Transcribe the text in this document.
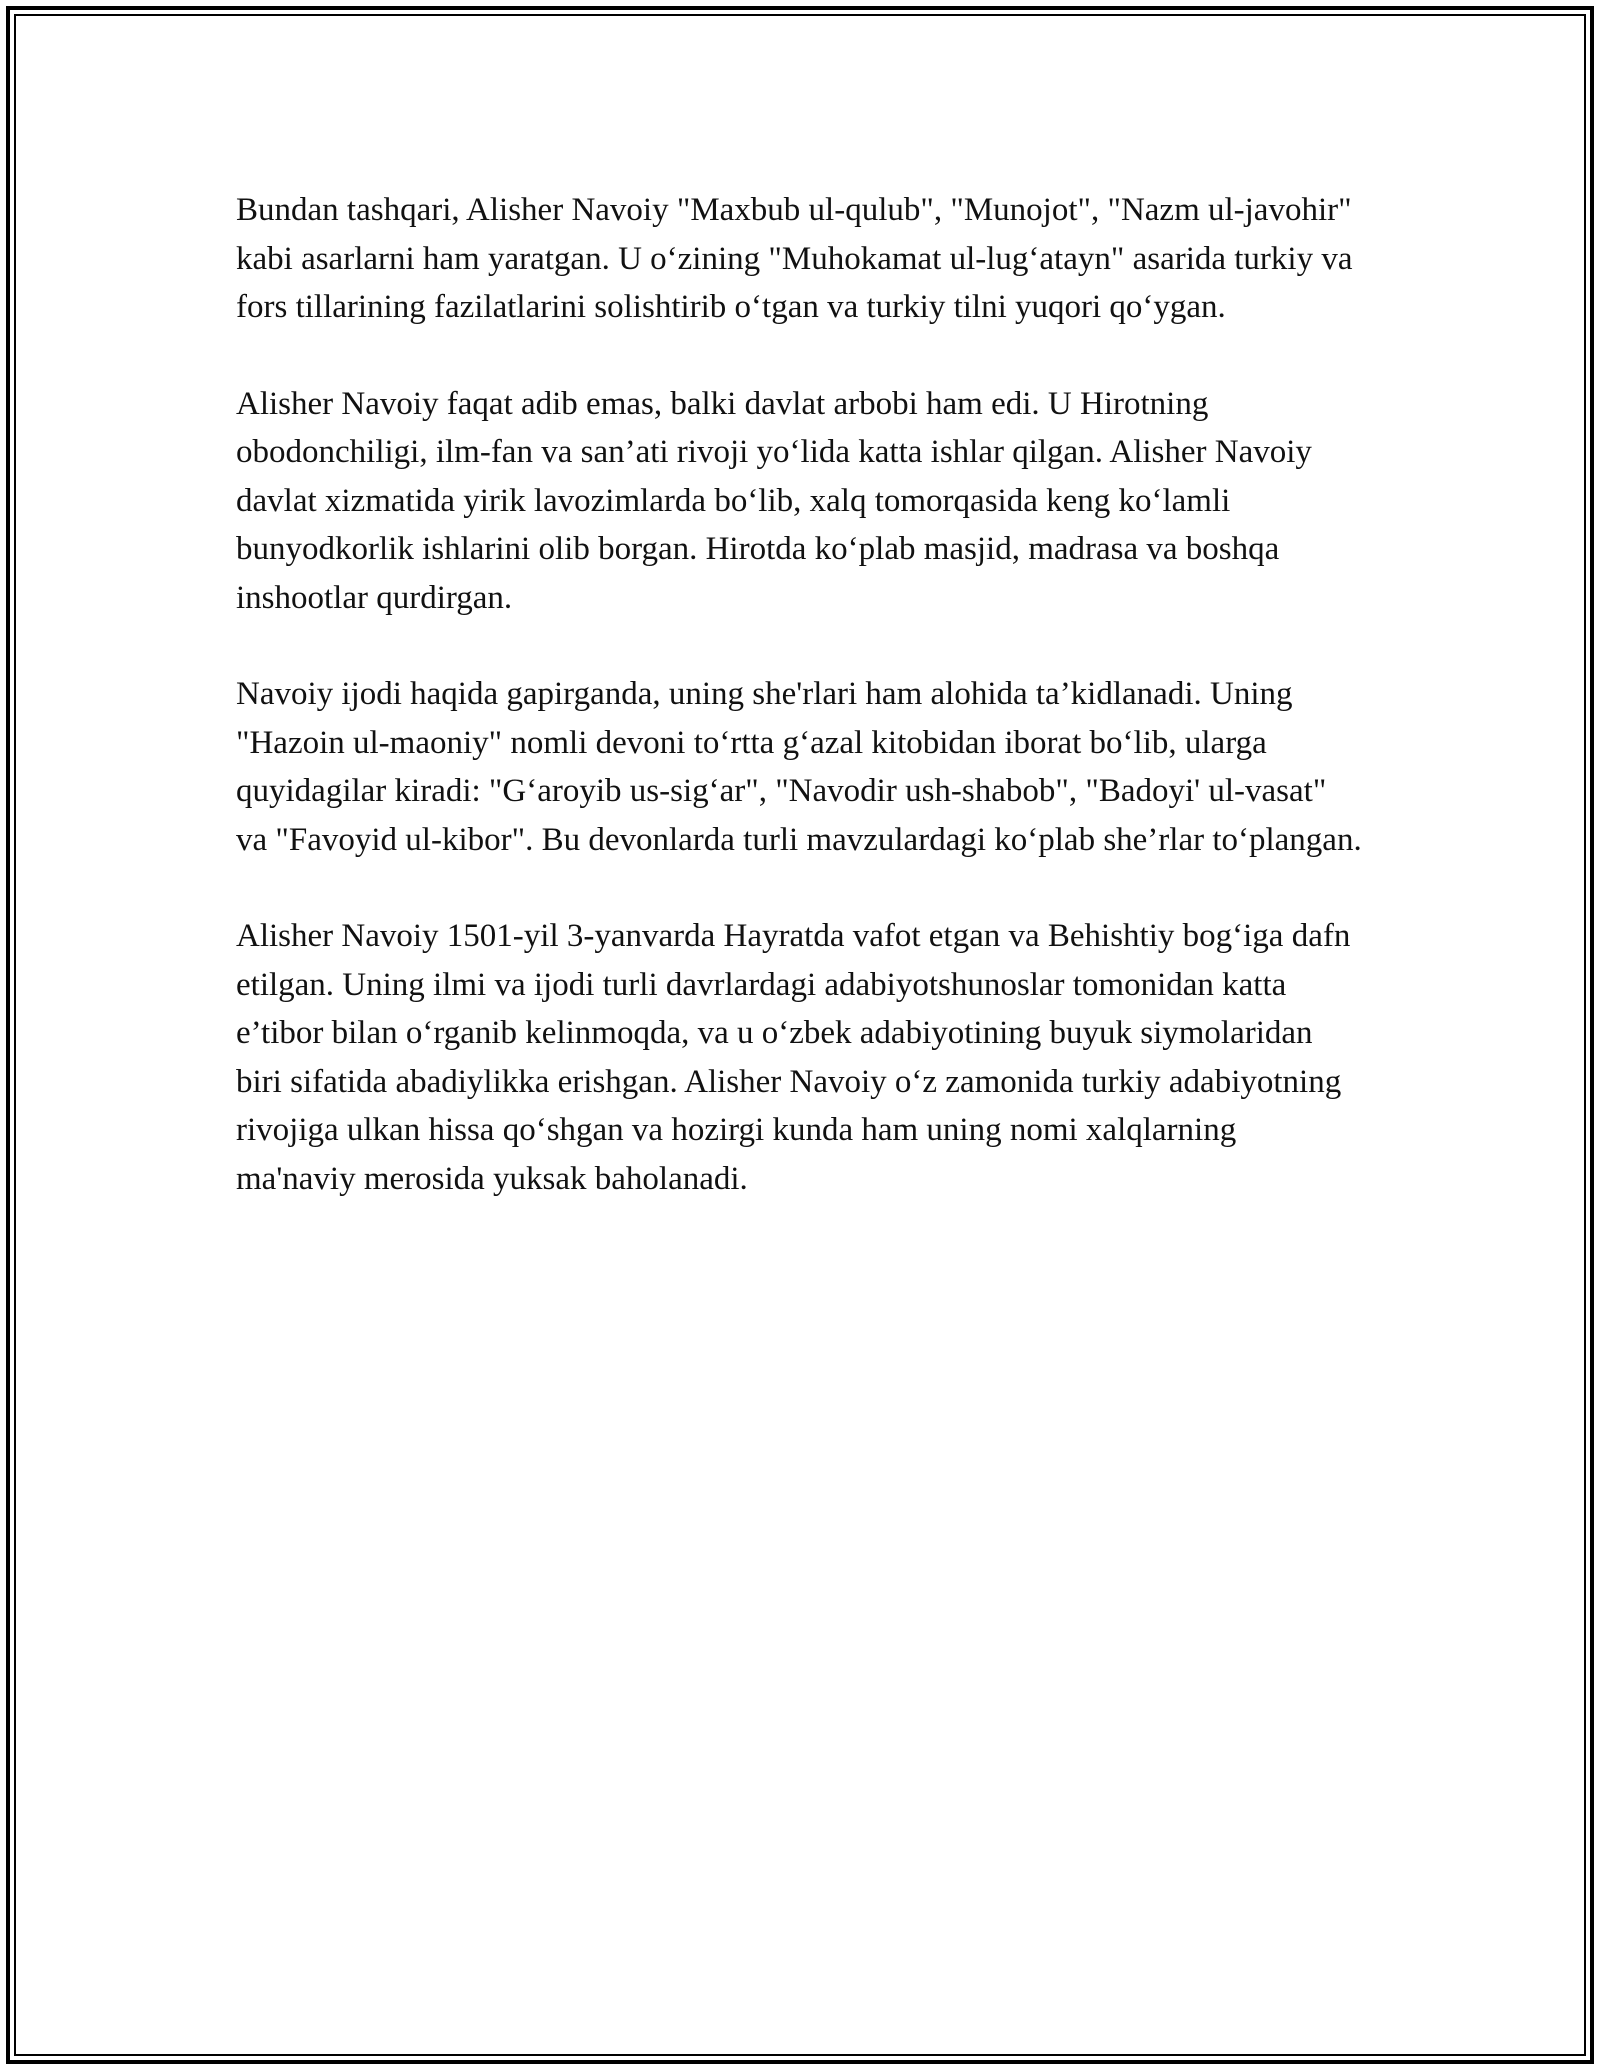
Bundan tashqari, Alisher Navoiy "Maxbub ul-qulub", "Munojot", "Nazm ul-javohir" kabi asarlarni ham yaratgan. U o‘zining "Muhokamat ul-lug‘atayn" asarida turkiy va fors tillarining fazilatlarini solishtirib o‘tgan va turkiy tilni yuqori qo‘ygan.

Alisher Navoiy faqat adib emas, balki davlat arbobi ham edi. U Hirotning obodonchiligi, ilm-fan va san’ati rivoji yo‘lida katta ishlar qilgan. Alisher Navoiy davlat xizmatida yirik lavozimlarda bo‘lib, xalq tomorqasida keng ko‘lamli bunyodkorlik ishlarini olib borgan. Hirotda ko‘plab masjid, madrasa va boshqa inshootlar qurdirgan.

Navoiy ijodi haqida gapirganda, uning she'rlari ham alohida ta’kidlanadi. Uning "Hazoin ul-maoniy" nomli devoni to‘rtta g‘azal kitobidan iborat bo‘lib, ularga quyidagilar kiradi: "G‘aroyib us-sig‘ar", "Navodir ush-shabob", "Badoyi' ul-vasat" va "Favoyid ul-kibor". Bu devonlarda turli mavzulardagi ko‘plab she’rlar to‘plangan.

Alisher Navoiy 1501-yil 3-yanvarda Hayratda vafot etgan va Behishtiy bog‘iga dafn etilgan. Uning ilmi va ijodi turli davrlardagi adabiyotshunoslar tomonidan katta e’tibor bilan o‘rganib kelinmoqda, va u o‘zbek adabiyotining buyuk siymolaridan biri sifatida abadiylikka erishgan. Alisher Navoiy o‘z zamonida turkiy adabiyotning rivojiga ulkan hissa qo‘shgan va hozirgi kunda ham uning nomi xalqlarning ma'naviy merosida yuksak baholanadi.
